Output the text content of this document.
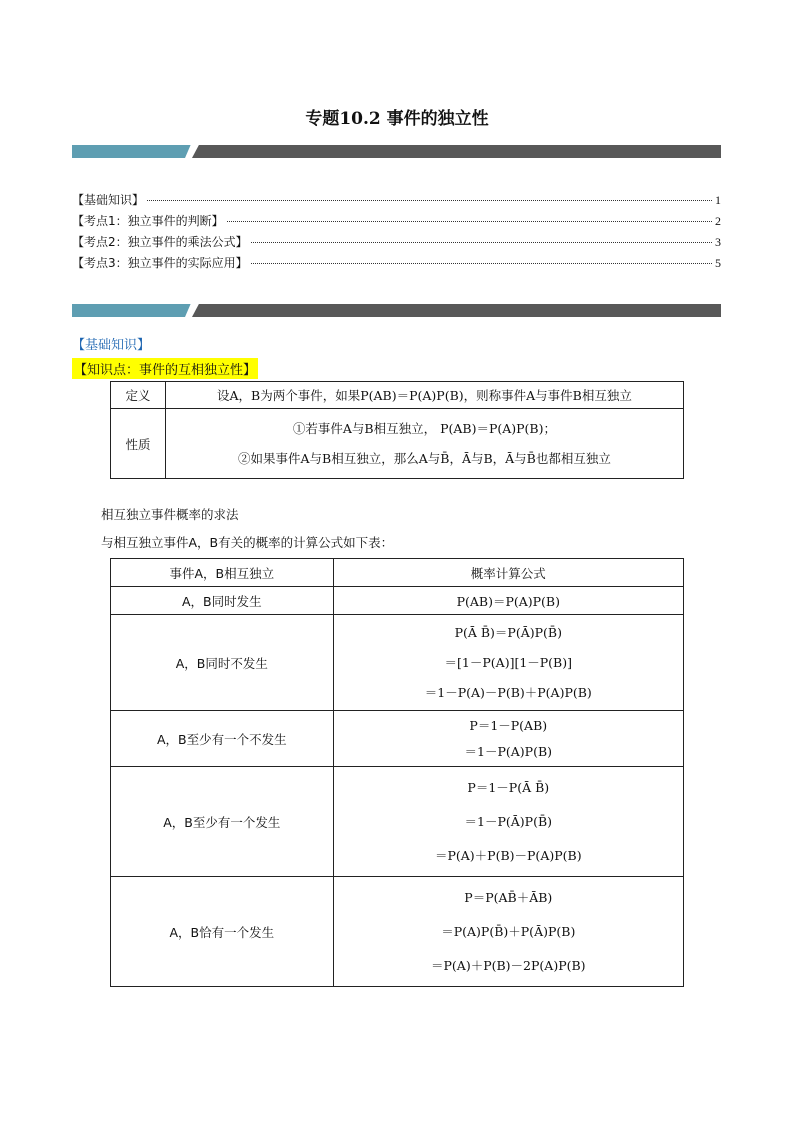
专题10.2 事件的独立性
【基础知识】	1
【考点1：独立事件的判断】	2
【考点2：独立事件的乘法公式】	3
【考点3：独立事件的实际应用】	5
【基础知识】
【知识点：事件的互相独立性】
定义	设A，B为两个事件，如果P(AB)＝P(A)P(B)，则称事件A与事件B相互独立
性质	①若事件A与B相互独立， P(AB)＝P(A)P(B)；
②如果事件A与B相互独立，那么A与B̄，Ā与B，Ā与B̄也都相互独立
相互独立事件概率的求法
与相互独立事件A，B有关的概率的计算公式如下表：
事件A，B相互独立	概率计算公式
A，B同时发生	P(AB)＝P(A)P(B)

A，B同时不发生	P(Ā B̄)＝P(Ā)P(B̄)
＝[1－P(A)][1－P(B)]
＝1－P(A)－P(B)＋P(A)P(B)

A，B至少有一个不发生	P＝1－P(AB)
＝1－P(A)P(B)

A，B至少有一个发生	P＝1－P(Ā B̄)
＝1－P(Ā)P(B̄)
＝P(A)＋P(B)－P(A)P(B)

A，B恰有一个发生	P＝P(AB̄＋ĀB)
＝P(A)P(B̄)＋P(Ā)P(B)
＝P(A)＋P(B)－2P(A)P(B)
